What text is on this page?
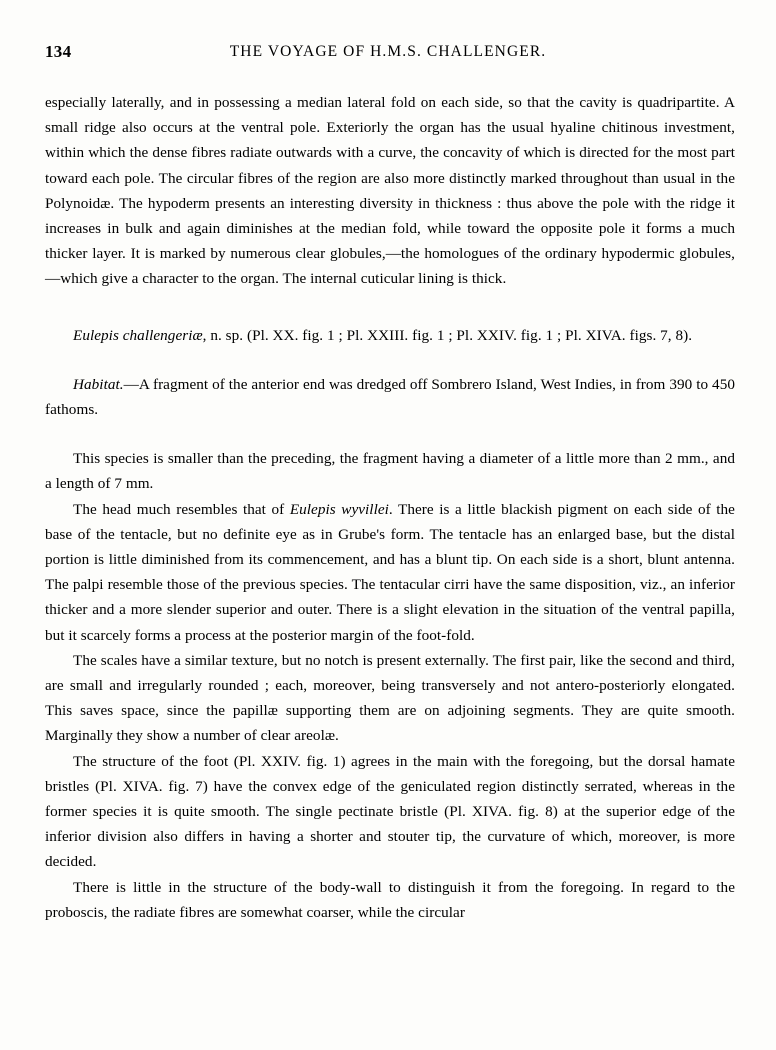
134	THE VOYAGE OF H.M.S. CHALLENGER.

especially laterally, and in possessing a median lateral fold on each side, so that the cavity is quadripartite. A small ridge also occurs at the ventral pole. Exteriorly the organ has the usual hyaline chitinous investment, within which the dense fibres radiate outwards with a curve, the concavity of which is directed for the most part toward each pole. The circular fibres of the region are also more distinctly marked throughout than usual in the Polynoidæ. The hypoderm presents an interesting diversity in thickness : thus above the pole with the ridge it increases in bulk and again diminishes at the median fold, while toward the opposite pole it forms a much thicker layer. It is marked by numerous clear globules,—the homologues of the ordinary hypodermic globules,—which give a character to the organ. The internal cuticular lining is thick.

Eulepis challengeriæ, n. sp. (Pl. XX. fig. 1 ; Pl. XXIII. fig. 1 ; Pl. XXIV. fig. 1 ; Pl. XIVA. figs. 7, 8).

Habitat.—A fragment of the anterior end was dredged off Sombrero Island, West Indies, in from 390 to 450 fathoms.

This species is smaller than the preceding, the fragment having a diameter of a little more than 2 mm., and a length of 7 mm.

The head much resembles that of Eulepis wyvillei. There is a little blackish pigment on each side of the base of the tentacle, but no definite eye as in Grube's form. The tentacle has an enlarged base, but the distal portion is little diminished from its commencement, and has a blunt tip. On each side is a short, blunt antenna. The palpi resemble those of the previous species. The tentacular cirri have the same disposition, viz., an inferior thicker and a more slender superior and outer. There is a slight elevation in the situation of the ventral papilla, but it scarcely forms a process at the posterior margin of the foot-fold.

The scales have a similar texture, but no notch is present externally. The first pair, like the second and third, are small and irregularly rounded ; each, moreover, being transversely and not antero-posteriorly elongated. This saves space, since the papillæ supporting them are on adjoining segments. They are quite smooth. Marginally they show a number of clear areolæ.

The structure of the foot (Pl. XXIV. fig. 1) agrees in the main with the foregoing, but the dorsal hamate bristles (Pl. XIVA. fig. 7) have the convex edge of the geniculated region distinctly serrated, whereas in the former species it is quite smooth. The single pectinate bristle (Pl. XIVA. fig. 8) at the superior edge of the inferior division also differs in having a shorter and stouter tip, the curvature of which, moreover, is more decided.

There is little in the structure of the body-wall to distinguish it from the foregoing. In regard to the proboscis, the radiate fibres are somewhat coarser, while the circular
